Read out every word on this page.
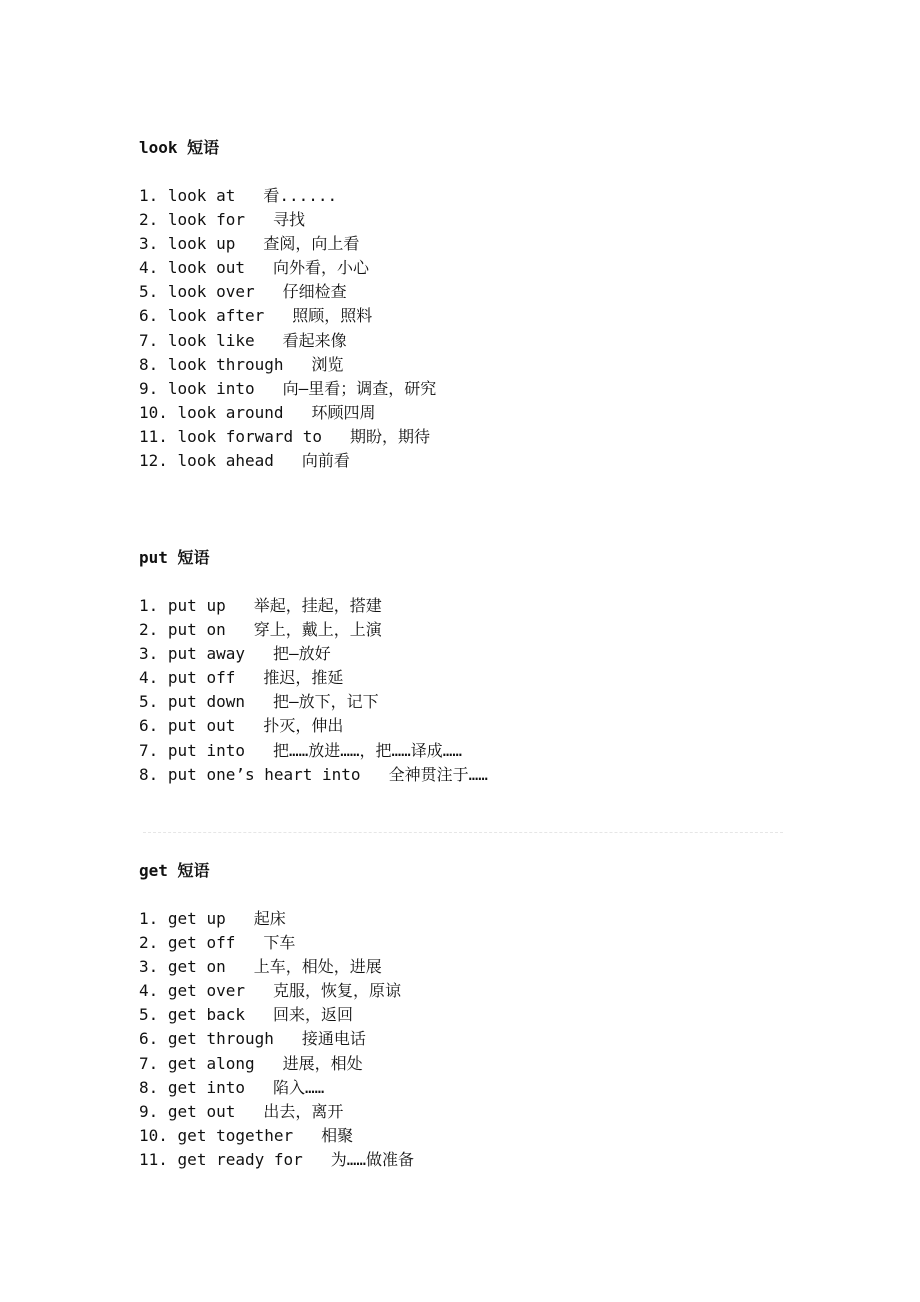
look 短语
1. look at 看......
2. look for 寻找
3. look up 查阅，向上看
4. look out 向外看，小心
5. look over 仔细检查
6. look after 照顾，照料
7. look like 看起来像
8. look through 浏览
9. look into 向—里看；调查，研究
10. look around 环顾四周
11. look forward to 期盼，期待
12. look ahead 向前看
put 短语
1. put up 举起，挂起，搭建
2. put on 穿上，戴上，上演
3. put away 把—放好
4. put off 推迟，推延
5. put down 把—放下，记下
6. put out 扑灭，伸出
7. put into 把……放进……，把……译成……
8. put one’s heart into 全神贯注于……
get 短语
1. get up 起床
2. get off 下车
3. get on 上车，相处，进展
4. get over 克服，恢复，原谅
5. get back 回来，返回
6. get through 接通电话
7. get along 进展，相处
8. get into 陷入……
9. get out 出去，离开
10. get together 相聚
11. get ready for 为……做准备
